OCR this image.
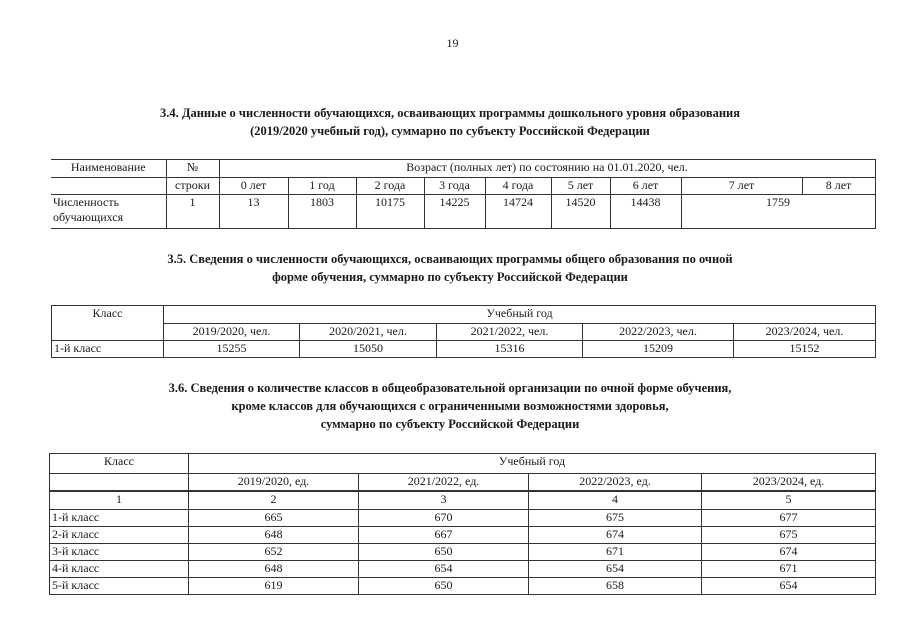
19
3.4. Данные о численности обучающихся, осваивающих программы дошкольного уровня образования
(2019/2020 учебный год), суммарно по субъекту Российской Федерации
Наименование	№	Возраст (полных лет) по состоянию на 01.01.2020, чел.								
	строки	0 лет	1 год	2 года	3 года	4 года	5 лет	6 лет	7 лет	8 лет

Численность
обучающихся	1	13	1803	10175	14225	14724	14520	14438	1759	
3.5. Сведения о численности обучающихся, осваивающих программы общего образования по очной
форме обучения, суммарно по субъекту Российской Федерации
Класс	Учебный год				
	2019/2020, чел.	2020/2021, чел.	2021/2022, чел.	2022/2023, чел.	2023/2024, чел.
1-й класс	15255	15050	15316	15209	15152
3.6. Сведения о количестве классов в общеобразовательной организации по очной форме обучения,
кроме классов для обучающихся с ограниченными возможностями здоровья,
суммарно по субъекту Российской Федерации
Класс	Учебный год			
	2019/2020, ед.	2021/2022, ед.	2022/2023, ед.	2023/2024, ед.
1	2	3	4	5
1-й класс	665	670	675	677
2-й класс	648	667	674	675
3-й класс	652	650	671	674
4-й класс	648	654	654	671
5-й класс	619	650	658	654
